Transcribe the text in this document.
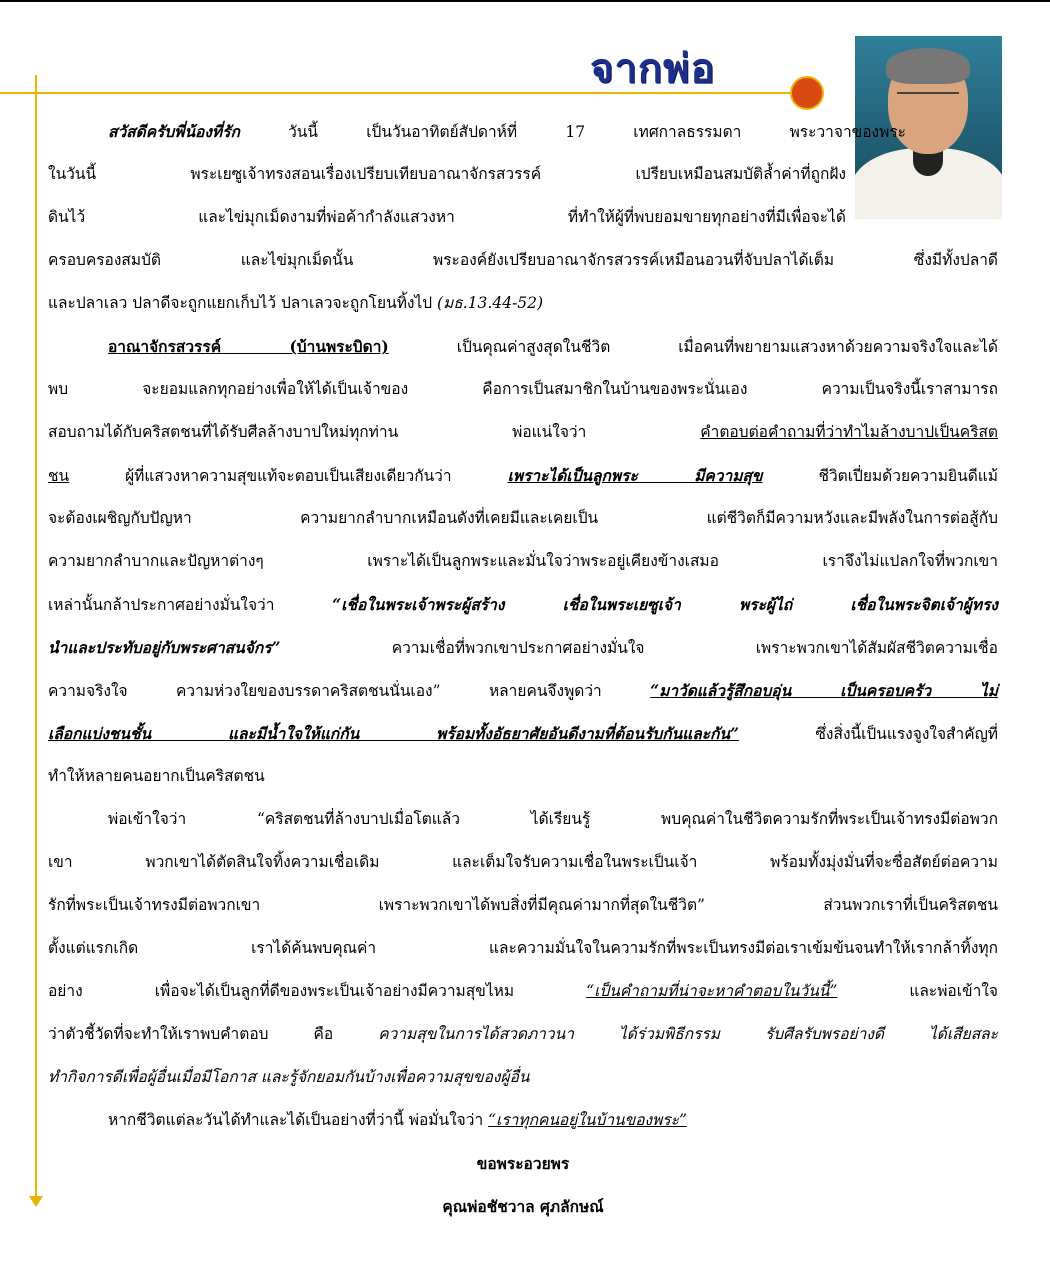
จากพ่อ
สวัสดีครับพี่น้องที่รัก	วันนี้ เป็นวันอาทิตย์สัปดาห์ที่ 17 เทศกาลธรรมดา พระวาจาของพระ
ในวันนี้ พระเยซูเจ้าทรงสอนเรื่องเปรียบเทียบอาณาจักรสวรรค์ เปรียบเหมือนสมบัติล้ำค่าที่ถูกฝัง
ดินไว้ และไข่มุกเม็ดงามที่พ่อค้ากำลังแสวงหา ที่ทำให้ผู้ที่พบยอมขายทุกอย่างที่มีเพื่อจะได้
ครอบครองสมบัติ และไข่มุกเม็ดนั้น พระองค์ยังเปรียบอาณาจักรสวรรค์เหมือนอวนที่จับปลาได้เต็ม ซึ่งมีทั้งปลาดี
และปลาเลว ปลาดีจะถูกแยกเก็บไว้ ปลาเลวจะถูกโยนทิ้งไป (มธ.13.44-52)
อาณาจักรสวรรค์ (บ้านพระบิดา)	เป็นคุณค่าสูงสุดในชีวิต เมื่อคนที่พยายามแสวงหาด้วยความจริงใจและได้
พบ จะยอมแลกทุกอย่างเพื่อให้ได้เป็นเจ้าของ คือการเป็นสมาชิกในบ้านของพระนั่นเอง ความเป็นจริงนี้เราสามารถ
สอบถามได้กับคริสตชนที่ได้รับศีลล้างบาปใหม่ทุกท่าน พ่อแน่ใจว่า	คำตอบต่อคำถามที่ว่าทำไมล้างบาปเป็นคริสต
ชน	ผู้ที่แสวงหาความสุขแท้จะตอบเป็นเสียงเดียวกันว่า	เพราะได้เป็นลูกพระ มีความสุข	ชีวิตเปี่ยมด้วยความยินดีแม้
จะต้องเผชิญกับปัญหา ความยากลำบากเหมือนดังที่เคยมีและเคยเป็น แต่ชีวิตก็มีความหวังและมีพลังในการต่อสู้กับ
ความยากลำบากและปัญหาต่างๆ เพราะได้เป็นลูกพระและมั่นใจว่าพระอยู่เคียงข้างเสมอ เราจึงไม่แปลกใจที่พวกเขา
เหล่านั้นกล้าประกาศอย่างมั่นใจว่า	“เชื่อในพระเจ้าพระผู้สร้าง เชื่อในพระเยซูเจ้า พระผู้ไถ่ เชื่อในพระจิตเจ้าผู้ทรง
นำและประทับอยู่กับพระศาสนจักร”	ความเชื่อที่พวกเขาประกาศอย่างมั่นใจ เพราะพวกเขาได้สัมผัสชีวิตความเชื่อ
ความจริงใจ ความห่วงใยของบรรดาคริสตชนนั่นเอง” หลายคนจึงพูดว่า	“มาวัดแล้วรู้สึกอบอุ่น เป็นครอบครัว ไม่
เลือกแบ่งชนชั้น และมีน้ำใจให้แก่กัน พร้อมทั้งอัธยาศัยอันดีงามที่ต้อนรับกันและกัน”	ซึ่งสิ่งนี้เป็นแรงจูงใจสำคัญที่
ทำให้หลายคนอยากเป็นคริสตชน
พ่อเข้าใจว่า “คริสตชนที่ล้างบาปเมื่อโตแล้ว ได้เรียนรู้ พบคุณค่าในชีวิตความรักที่พระเป็นเจ้าทรงมีต่อพวก
เขา พวกเขาได้ตัดสินใจทิ้งความเชื่อเดิม และเต็มใจรับความเชื่อในพระเป็นเจ้า พร้อมทั้งมุ่งมั่นที่จะซื่อสัตย์ต่อความ
รักที่พระเป็นเจ้าทรงมีต่อพวกเขา เพราะพวกเขาได้พบสิ่งที่มีคุณค่ามากที่สุดในชีวิต” ส่วนพวกเราที่เป็นคริสตชน
ตั้งแต่แรกเกิด เราได้ค้นพบคุณค่า และความมั่นใจในความรักที่พระเป็นทรงมีต่อเราเข้มข้นจนทำให้เรากล้าทิ้งทุก
อย่าง เพื่อจะได้เป็นลูกที่ดีของพระเป็นเจ้าอย่างมีความสุขไหม	“เป็นคำถามที่น่าจะหาคำตอบในวันนี้”	และพ่อเข้าใจ
ว่าตัวชี้วัดที่จะทำให้เราพบคำตอบ คือ	ความสุขในการได้สวดภาวนา ได้ร่วมพิธีกรรม รับศีลรับพรอย่างดี ได้เสียสละ
ทำกิจการดีเพื่อผู้อื่นเมื่อมีโอกาส และรู้จักยอมกันบ้างเพื่อความสุขของผู้อื่น
หากชีวิตแต่ละวันได้ทำและได้เป็นอย่างที่ว่านี้ พ่อมั่นใจว่า “เราทุกคนอยู่ในบ้านของพระ”
ขอพระอวยพร
คุณพ่อชัชวาล ศุภลักษณ์
